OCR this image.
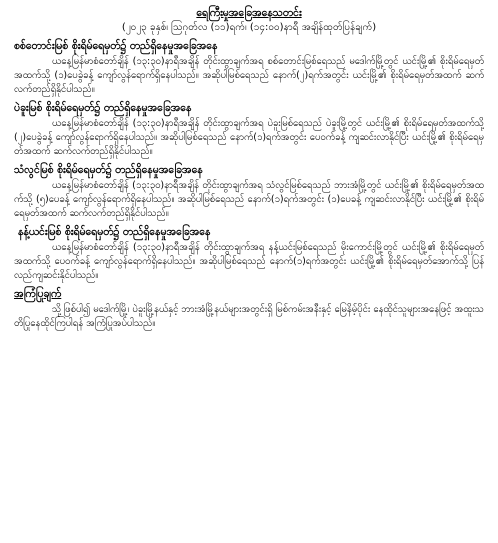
ရေကြီးမှုအခြေအနေသတင်း
(၂၀၂၃ ခုနှစ်၊ ဩဂုတ်လ (၁၁)ရက်၊ (၁၄:၀၀)နာရီ အချိန်ထုတ်ပြန်ချက်)
စစ်တောင်းမြစ် စိုးရိမ်ရေမှတ်၌ တည်ရှိနေမှုအခြေအနေ

ယနေ့မြန်မာစံတော်ချိန် (၁၃:၃၀)နာရီအချိန် တိုင်းထွာချက်အရ စစ်တောင်းမြစ်ရေသည် မဒေါက်မြို့တွင် ယင်းမြို့၏ စိုးရိမ်ရေမှတ်အထက်သို့ (၁)ပေခွဲခန့် ကျော်လွန်ရောက်ရှိနေပါသည်။ အဆိုပါမြစ်ရေသည် နောက်(၂)ရက်အတွင်း ယင်းမြို့၏ စိုးရိမ်ရေမှတ်အထက် ဆက်လက်တည်ရှိနိုင်ပါသည်။

ပဲခူးမြစ် စိုးရိမ်ရေမှတ်၌ တည်ရှိနေမှုအခြေအနေ

ယနေ့မြန်မာစံတော်ချိန် (၁၃:၃၀)နာရီအချိန် တိုင်းထွာချက်အရ ပဲခူးမြစ်ရေသည် ပဲခူးမြို့တွင် ယင်းမြို့၏ စိုးရိမ်ရေမှတ်အထက်သို့ (၂)ပေခွဲခန့် ကျော်လွန်ရောက်ရှိနေပါသည်။ အဆိုပါမြစ်ရေသည် နောက်(၁)ရက်အတွင်း ပေဝက်ခန့် ကျဆင်းလာနိုင်ပြီး ယင်းမြို့၏ စိုးရိမ်ရေမှတ်အထက် ဆက်လက်တည်ရှိနိုင်ပါသည်။

သံလွင်မြစ် စိုးရိမ်ရေမှတ်၌ တည်ရှိနေမှုအခြေအနေ

ယနေ့မြန်မာစံတော်ချိန် (၁၃:၃၀)နာရီအချိန် တိုင်းထွာချက်အရ သံလွင်မြစ်ရေသည် ဘားအံမြို့တွင် ယင်းမြို့၏ စိုးရိမ်ရေမှတ်အထက်သို့ (၅)ပေခန့် ကျော်လွန်ရောက်ရှိနေပါသည်။ အဆိုပါမြစ်ရေသည် နောက်(၁)ရက်အတွင်း (၁)ပေခန့် ကျဆင်းလာနိုင်ပြီး ယင်းမြို့၏ စိုးရိမ်ရေမှတ်အထက် ဆက်လက်တည်ရှိနိုင်ပါသည်။

နန့်ယင်းမြစ် စိုးရိမ်ရေမှတ်၌ တည်ရှိနေမှုအခြေအနေ

ယနေ့မြန်မာစံတော်ချိန် (၁၃:၃၀)နာရီအချိန် တိုင်းထွာချက်အရ နန့်ယင်းမြစ်ရေသည် မိုးကောင်းမြို့တွင် ယင်းမြို့၏ စိုးရိမ်ရေမှတ်အထက်သို့ ပေဝက်ခန့် ကျော်လွန်ရောက်ရှိနေပါသည်။ အဆိုပါမြစ်ရေသည် နောက်(၁)ရက်အတွင်း ယင်းမြို့၏ စိုးရိမ်ရေမှတ်အောက်သို့ ပြန်လည်ကျဆင်းနိုင်ပါသည်။

အကြံပြုချက်

သို့ဖြစ်ပါ၍ မဒေါက်မြို့၊ ပဲခူးမြို့နယ်နှင့် ဘားအံမြို့နယ်များအတွင်းရှိ မြစ်ကမ်းအနီးနှင့် မြေနိမ့်ပိုင်း နေထိုင်သူများအနေဖြင့် အထူးသတိပြုနေထိုင်ကြပါရန် အကြံပြုအပ်ပါသည်။
